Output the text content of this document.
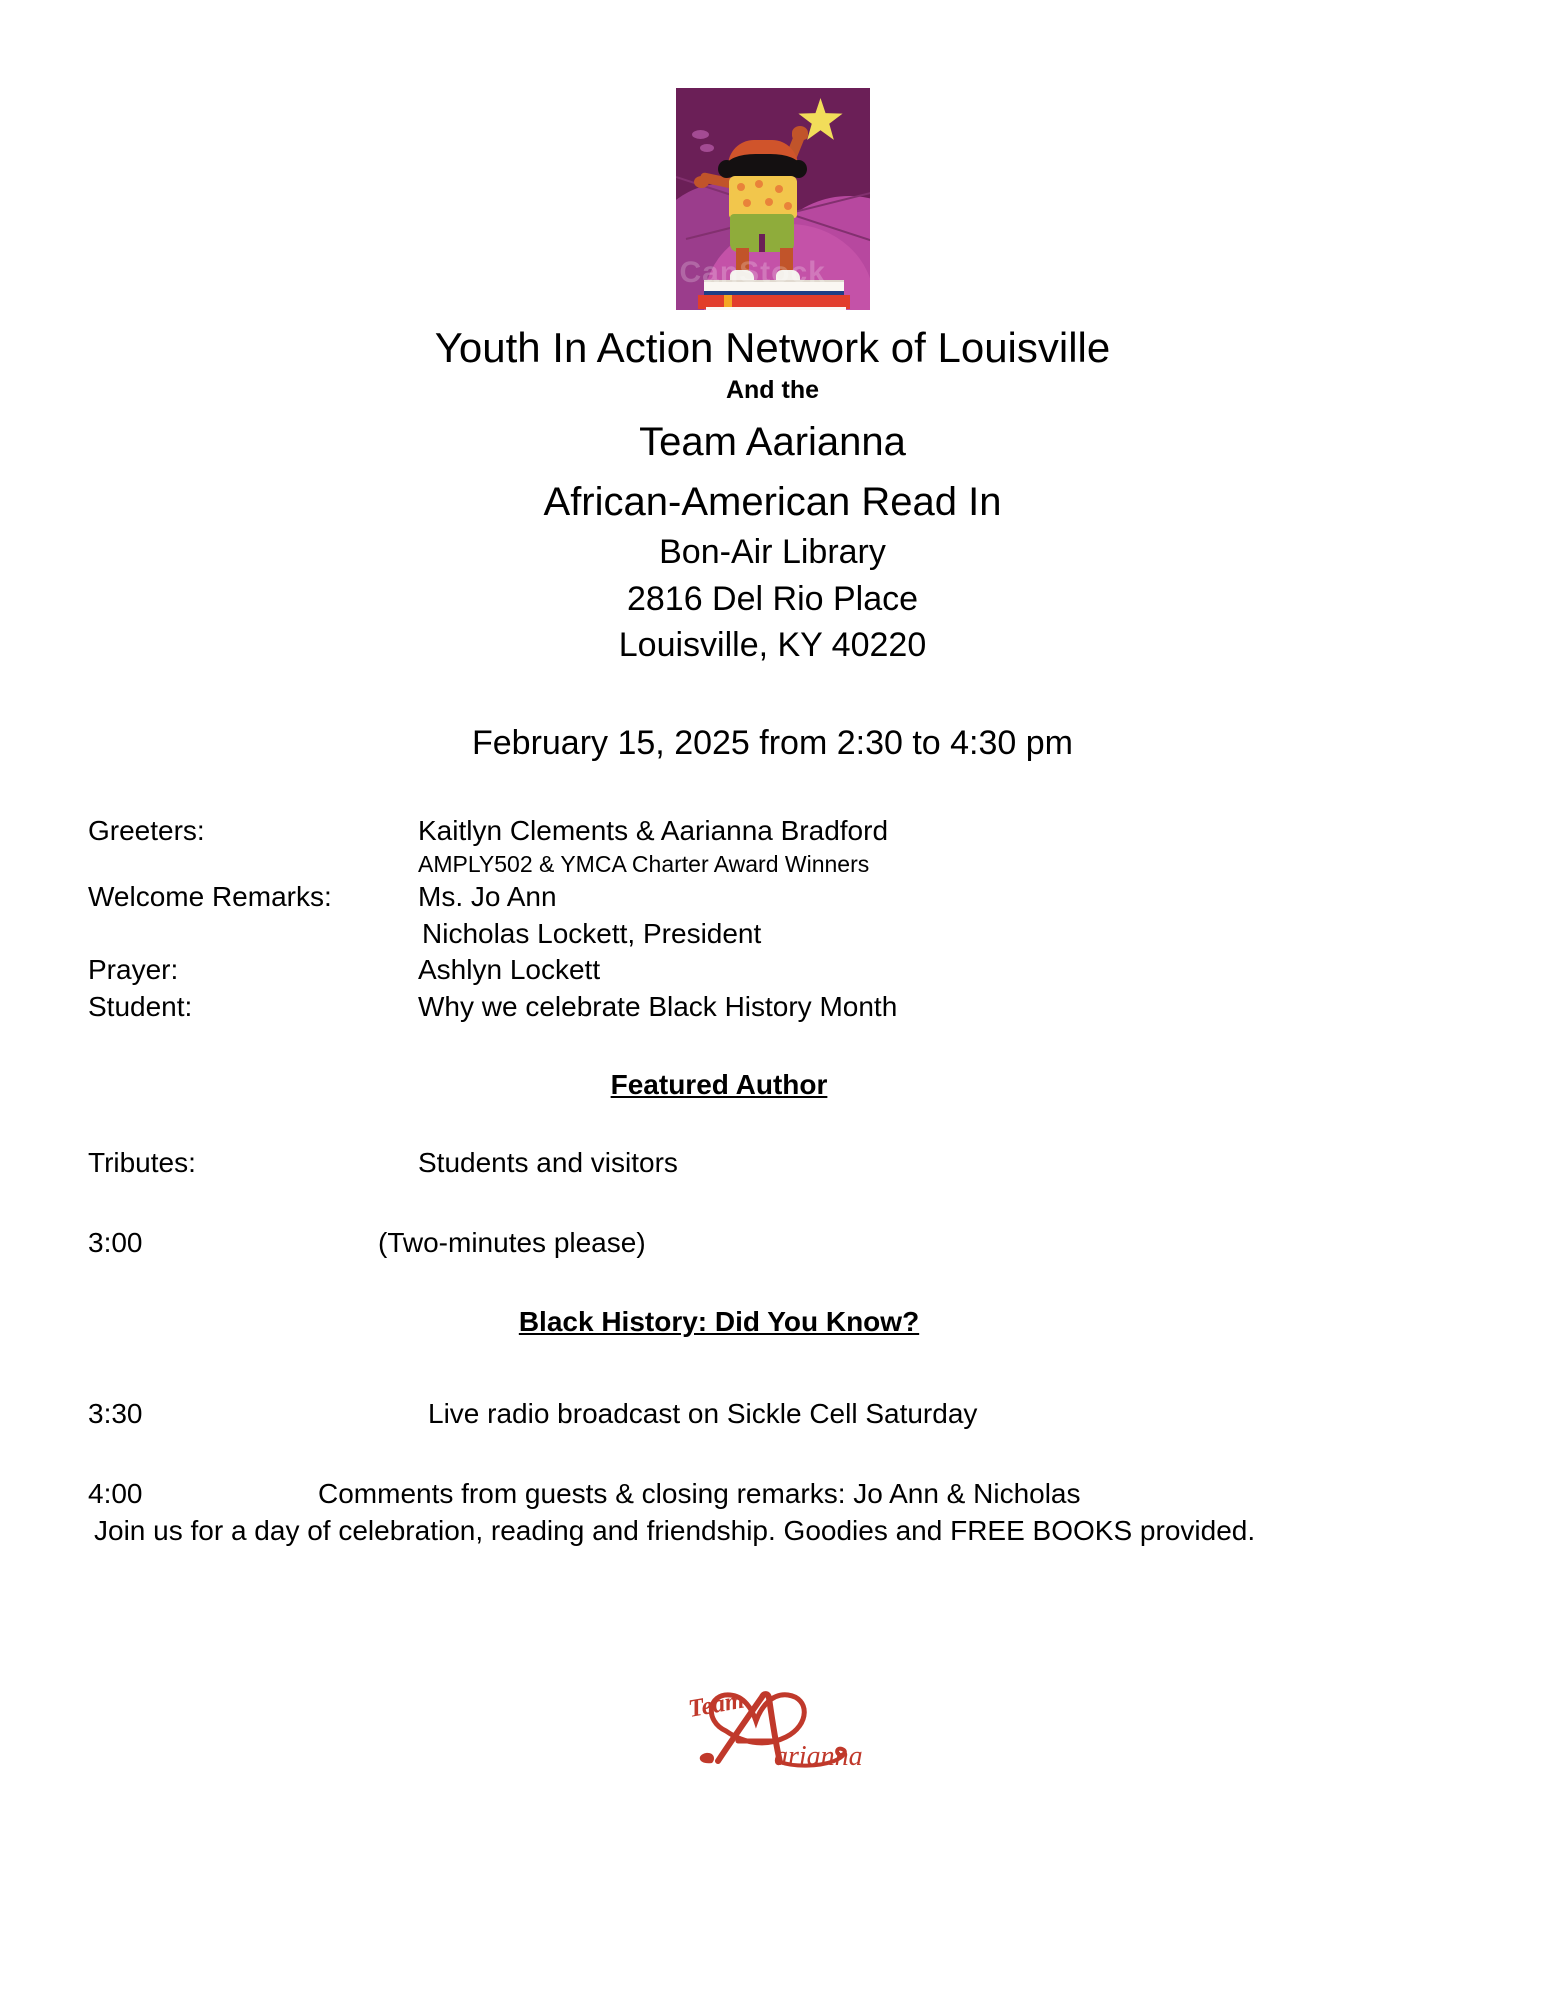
CanStock
Youth In Action Network of Louisville
And the
Team Aarianna
African-American Read In
Bon-Air Library
2816 Del Rio Place
Louisville, KY 40220
February 15, 2025 from 2:30 to 4:30 pm
Greeters:	Kaitlyn Clements & Aarianna Bradford
AMPLY502 & YMCA Charter Award Winners
Welcome Remarks:	Ms. Jo Ann
Nicholas Lockett, President
Prayer:	Ashlyn Lockett
Student:	Why we celebrate Black History Month
Featured Author
Tributes:	Students and visitors
3:00	(Two-minutes please)
Black History: Did You Know?
3:30	Live radio broadcast on Sickle Cell Saturday
4:00	Comments from guests & closing remarks: Jo Ann & Nicholas
Join us for a day of celebration, reading and friendship. Goodies and FREE BOOKS provided.
Team
arianna
